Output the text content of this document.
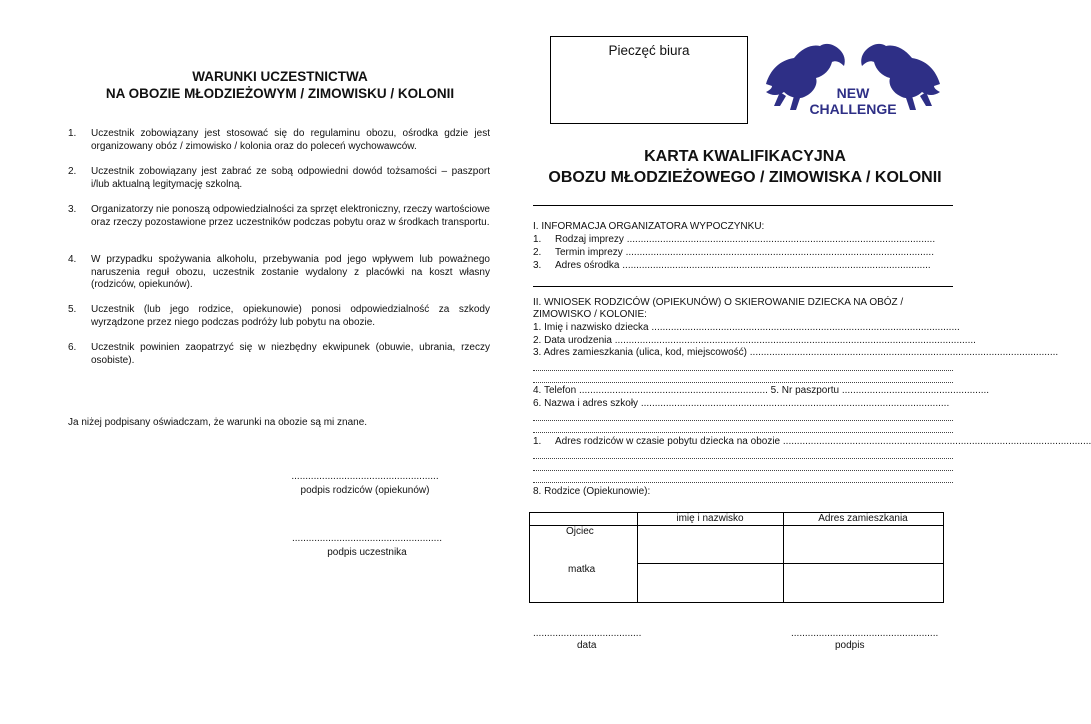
WARUNKI UCZESTNICTWA
NA OBOZIE MŁODZIEŻOWYM / ZIMOWISKU / KOLONII
1. Uczestnik zobowiązany jest stosować się do regulaminu obozu, ośrodka gdzie jest organizowany obóz / zimowisko / kolonia oraz do poleceń wychowawców.
2. Uczestnik zobowiązany jest zabrać ze sobą odpowiedni dowód tożsamości – paszport i/lub aktualną legitymację szkolną.
3. Organizatorzy nie ponoszą odpowiedzialności za sprzęt elektroniczny, rzeczy wartościowe oraz rzeczy pozostawione przez uczestników podczas pobytu oraz w środkach transportu.
4. W przypadku spożywania alkoholu, przebywania pod jego wpływem lub poważnego naruszenia reguł obozu, uczestnik zostanie wydalony z placówki na koszt własny (rodziców, opiekunów).
5. Uczestnik (lub jego rodzice, opiekunowie) ponosi odpowiedzialność za szkody wyrządzone przez niego podczas podróży lub pobytu na obozie.
6. Uczestnik powinien zaopatrzyć się w niezbędny ekwipunek (obuwie, ubrania, rzeczy osobiste).
Ja niżej podpisany oświadczam, że warunki na obozie są mi znane.
.....................................................
podpis rodziców (opiekunów)
......................................................
podpis uczestnika
Pieczęć biura
NEW
CHALLENGE
KARTA KWALIFIKACYJNA
OBOZU MŁODZIEŻOWEGO / ZIMOWISKA / KOLONII
I. INFORMACJA ORGANIZATORA WYPOCZYNKU:
1. Rodzaj imprezy ...............................................................................................................
2. Termin imprezy ...............................................................................................................
3. Adres ośrodka ...............................................................................................................
II. WNIOSEK RODZICÓW (OPIEKUNÓW) O SKIEROWANIE DZIECKA NA OBÓZ /
ZIMOWISKO / KOLONIE:
1. Imię i nazwisko dziecka ...............................................................................................................
2. Data urodzenia ..................................................................................................................................
3. Adres zamieszkania (ulica, kod, miejscowość) ...............................................................................................................
4. Telefon .................................................................... 5. Nr paszportu .....................................................
6. Nazwa i adres szkoły ...............................................................................................................
1. Adres rodziców w czasie pobytu dziecka na obozie ...............................................................................................................
8. Rodzice (Opiekunowie):
imię i nazwisko	Adres zamieszkania
Ojciec
matka
.......................................
data
.....................................................
podpis
